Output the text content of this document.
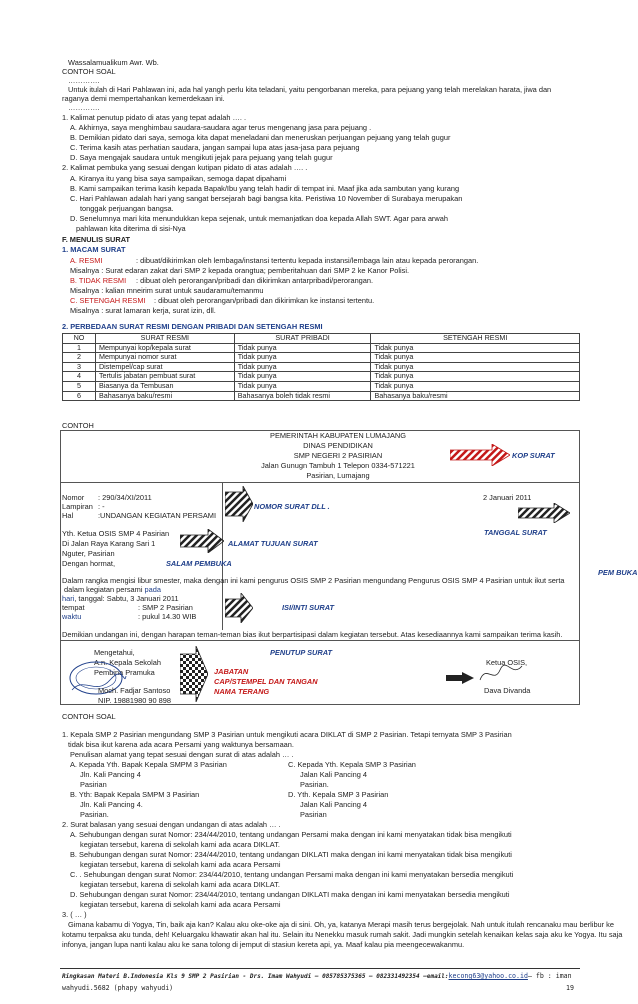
Wassalamualikum Awr. Wb.
CONTOH SOAL
………….
Untuk itulah di Hari Pahlawan ini, ada hal yangh perlu kita teladani, yaitu pengorbanan mereka, para pejuang yang telah merelakan harata, jiwa dan
raganya demi mempertahankan kemerdekaan ini.
………….
1. Kalimat penutup pidato di atas yang tepat adalah …. .
A. Akhirnya, saya menghimbau saudara-saudara agar terus mengenang jasa para pejuang .
B. Demikian pidato dari saya, semoga kita dapat meneladani dan meneruskan perjuangan pejuang yang telah gugur
C. Terima kasih atas perhatian saudara, jangan sampai lupa atas jasa-jasa para pejuang
D. Saya mengajak saudara untuk mengikuti jejak para pejuang yang telah gugur
2. Kalimat pembuka yang sesuai dengan kutipan pidato di atas adalah …. .
A. Kiranya itu yang bisa saya sampaikan, semoga dapat dipahami
B. Kami sampaikan terima kasih kepada Bapak/Ibu yang telah hadir di tempat ini. Maaf jika ada sambutan yang kurang
C. Hari Pahlawan adalah hari yang sangat bersejarah bagi bangsa kita. Peristiwa 10 November di Surabaya merupakan
tonggak perjuangan bangsa.
D. Senelumnya mari kita menundukkan kepa sejenak, untuk memanjatkan doa kepada Allah SWT. Agar para arwah
pahlawan kita diterima di sisi-Nya
F. MENULIS SURAT
1. MACAM SURAT
A. RESMI	: dibuat/dikirimkan oleh lembaga/instansi tertentu kepada instansi/lembaga lain atau kepada perorangan.
Misalnya : Surat edaran zakat dari SMP 2 kepada orangtua; pemberitahuan dari SMP 2 ke Kanor Polisi.
B. TIDAK RESMI : dibuat oleh perorangan/pribadi dan dikirimkan antarpribadi/perorangan.
Misalnya : kalian mneirim surat untuk saudaramu/temanmu
C. SETENGAH RESMI : dibuat oleh perorangan/pribadi dan dikirimkan ke instansi tertentu.
Misalnya : surat lamaran kerja, surat izin, dll.
2. PERBEDAAN SURAT RESMI DENGAN PRIBADI DAN SETENGAH RESMI
NO	SURAT RESMI	SURAT PRIBADI	SETENGAH RESMI
1	Mempunyai kop/kepala surat	Tidak punya	Tidak punya
2	Mempunyai nomor surat	Tidak punya	Tidak punya
3	Distempel/cap surat	Tidak punya	Tidak punya
4	Tertulis jabatan pembuat surat	Tidak punya	Tidak punya
5	Biasanya da Tembusan	Tidak punya	Tidak punya
6	Bahasanya baku/resmi	Bahasanya boleh tidak resmi	Bahasanya baku/resmi
CONTOH
PEMERINTAH KABUPATEN LUMAJANG
DINAS PENDIDIKAN
SMP NEGERI 2 PASIRIAN
Jalan Gunugn Tambuh 1 Telepon 0334-571221
Pasirian, Lumajang
KOP SURAT
Nomor : 290/34/XI/2011
Lampiran : -
Hal	:UNDANGAN KEGIATAN PERSAMI
NOMOR SURAT DLL .
2 Januari 2011
TANGGAL SURAT
Yth. Ketua OSIS SMP 4 Pasirian
Di Jalan Raya Karang Sari 1
Nguter, Pasirian
ALAMAT TUJUAN SURAT
Dengan hormat,	SALAM PEMBUKA
PEM BUKA
Dalam rangka mengisi libur smester, maka dengan ini kami pengurus OSIS SMP 2 Pasirian mengundang Pengurus OSIS SMP 4 Pasirian untuk ikut serta
dalam kegiatan persami pada
hari, tanggal: Sabtu, 3 Januari 2011
tempat	: SMP 2 Pasirian
waktu	: pukul 14.30 WIB
ISI/INTI SURAT
Demikian undangan ini, dengan harapan teman-teman bias ikut berpartisipasi dalam kegiatan tersebut. Atas kesediaannya kami sampaikan terima kasih.
PENUTUP SURAT
Mengetahui,
A.n. Kepala Sekolah
Pembina Pramuka
Moch. Fadjar Santoso
NIP. 19881980 90 898
JABATAN
CAP/STEMPEL DAN TANGAN
NAMA TERANG
Ketua OSIS,
Dava Divanda
CONTOH SOAL
1. Kepala SMP 2 Pasirian mengundang SMP 3 Pasirian untuk mengikuti acara DIKLAT di SMP 2 Pasirian. Tetapi ternyata SMP 3 Pasirian
tidak bisa ikut karena ada acara Persami yang waktunya bersamaan.
Penulisan alamat yang tepat sesuai dengan surat di atas adalah … .
A. Kepada Yth. Bapak Kepala SMPM 3 Pasirian
Jln. Kali Pancing 4
Pasirian
B. Yth: Bapak Kepala SMPM 3 Pasirian
Jln. Kali Pancing 4.
Pasirian.
C. Kepada Yth. Kepala SMP 3 Pasirian
Jalan Kali Pancing 4
Pasirian.
D. Yth. Kepala SMP 3 Pasirian
Jalan Kali Pancing 4
Pasirian
2. Surat balasan yang sesuai dengan undangan di atas adalah … .
A. Sehubungan dengan surat Nomor: 234/44/2010, tentang undangan Persami maka dengan ini kami menyatakan tidak bisa mengikuti
kegiatan tersebut, karena di sekolah kami ada acara DIKLAT.
B. Sehubungan dengan surat Nomor: 234/44/2010, tentang undangan DIKLATI maka dengan ini kami menyatakan tidak bisa mengikuti
kegiatan tersebut, karena di sekolah kami ada acara Persami
C. . Sehubungan dengan surat Nomor: 234/44/2010, tentang undangan Persami maka dengan ini kami menyatakan bersedia mengikuti
kegiatan tersebut, karena di sekolah kami ada acara DIKLAT.
D. Sehubungan dengan surat Nomor: 234/44/2010, tentang undangan DIKLATI maka dengan ini kami menyatakan bersedia mengikuti
kegiatan tersebut, karena di sekolah kami ada acara Persami
3. ( … )
Gimana kabamu di Yogya, Tin, baik aja kan? Kalau aku oke-oke aja di sini. Oh, ya, katanya Merapi masih terus bergejolak. Nah untuk itulah rencanaku mau berlibur ke
kotamu terpaksa aku tunda, deh! Keluargaku khawatir akan hal itu. Selain itu Nenekku masuk rumah sakit. Jadi mungkin setelah kenaikan kelas saja aku ke Yogya. Itu saja
infonya, jangan lupa nanti kalau aku ke sana tolong di jemput di stasiun kereta api, ya. Maaf kalau pia meengecewakanmu.
Ringkasan Materi B.Indonesia Kls 9 SMP 2 Pasirian - Drs. Imam Wahyudi – 085785375365 – 082331492354 –email:kecong63@yahoo.co.id– fb : iman
wahyudi.5682 (phapy wahyudi)	19
